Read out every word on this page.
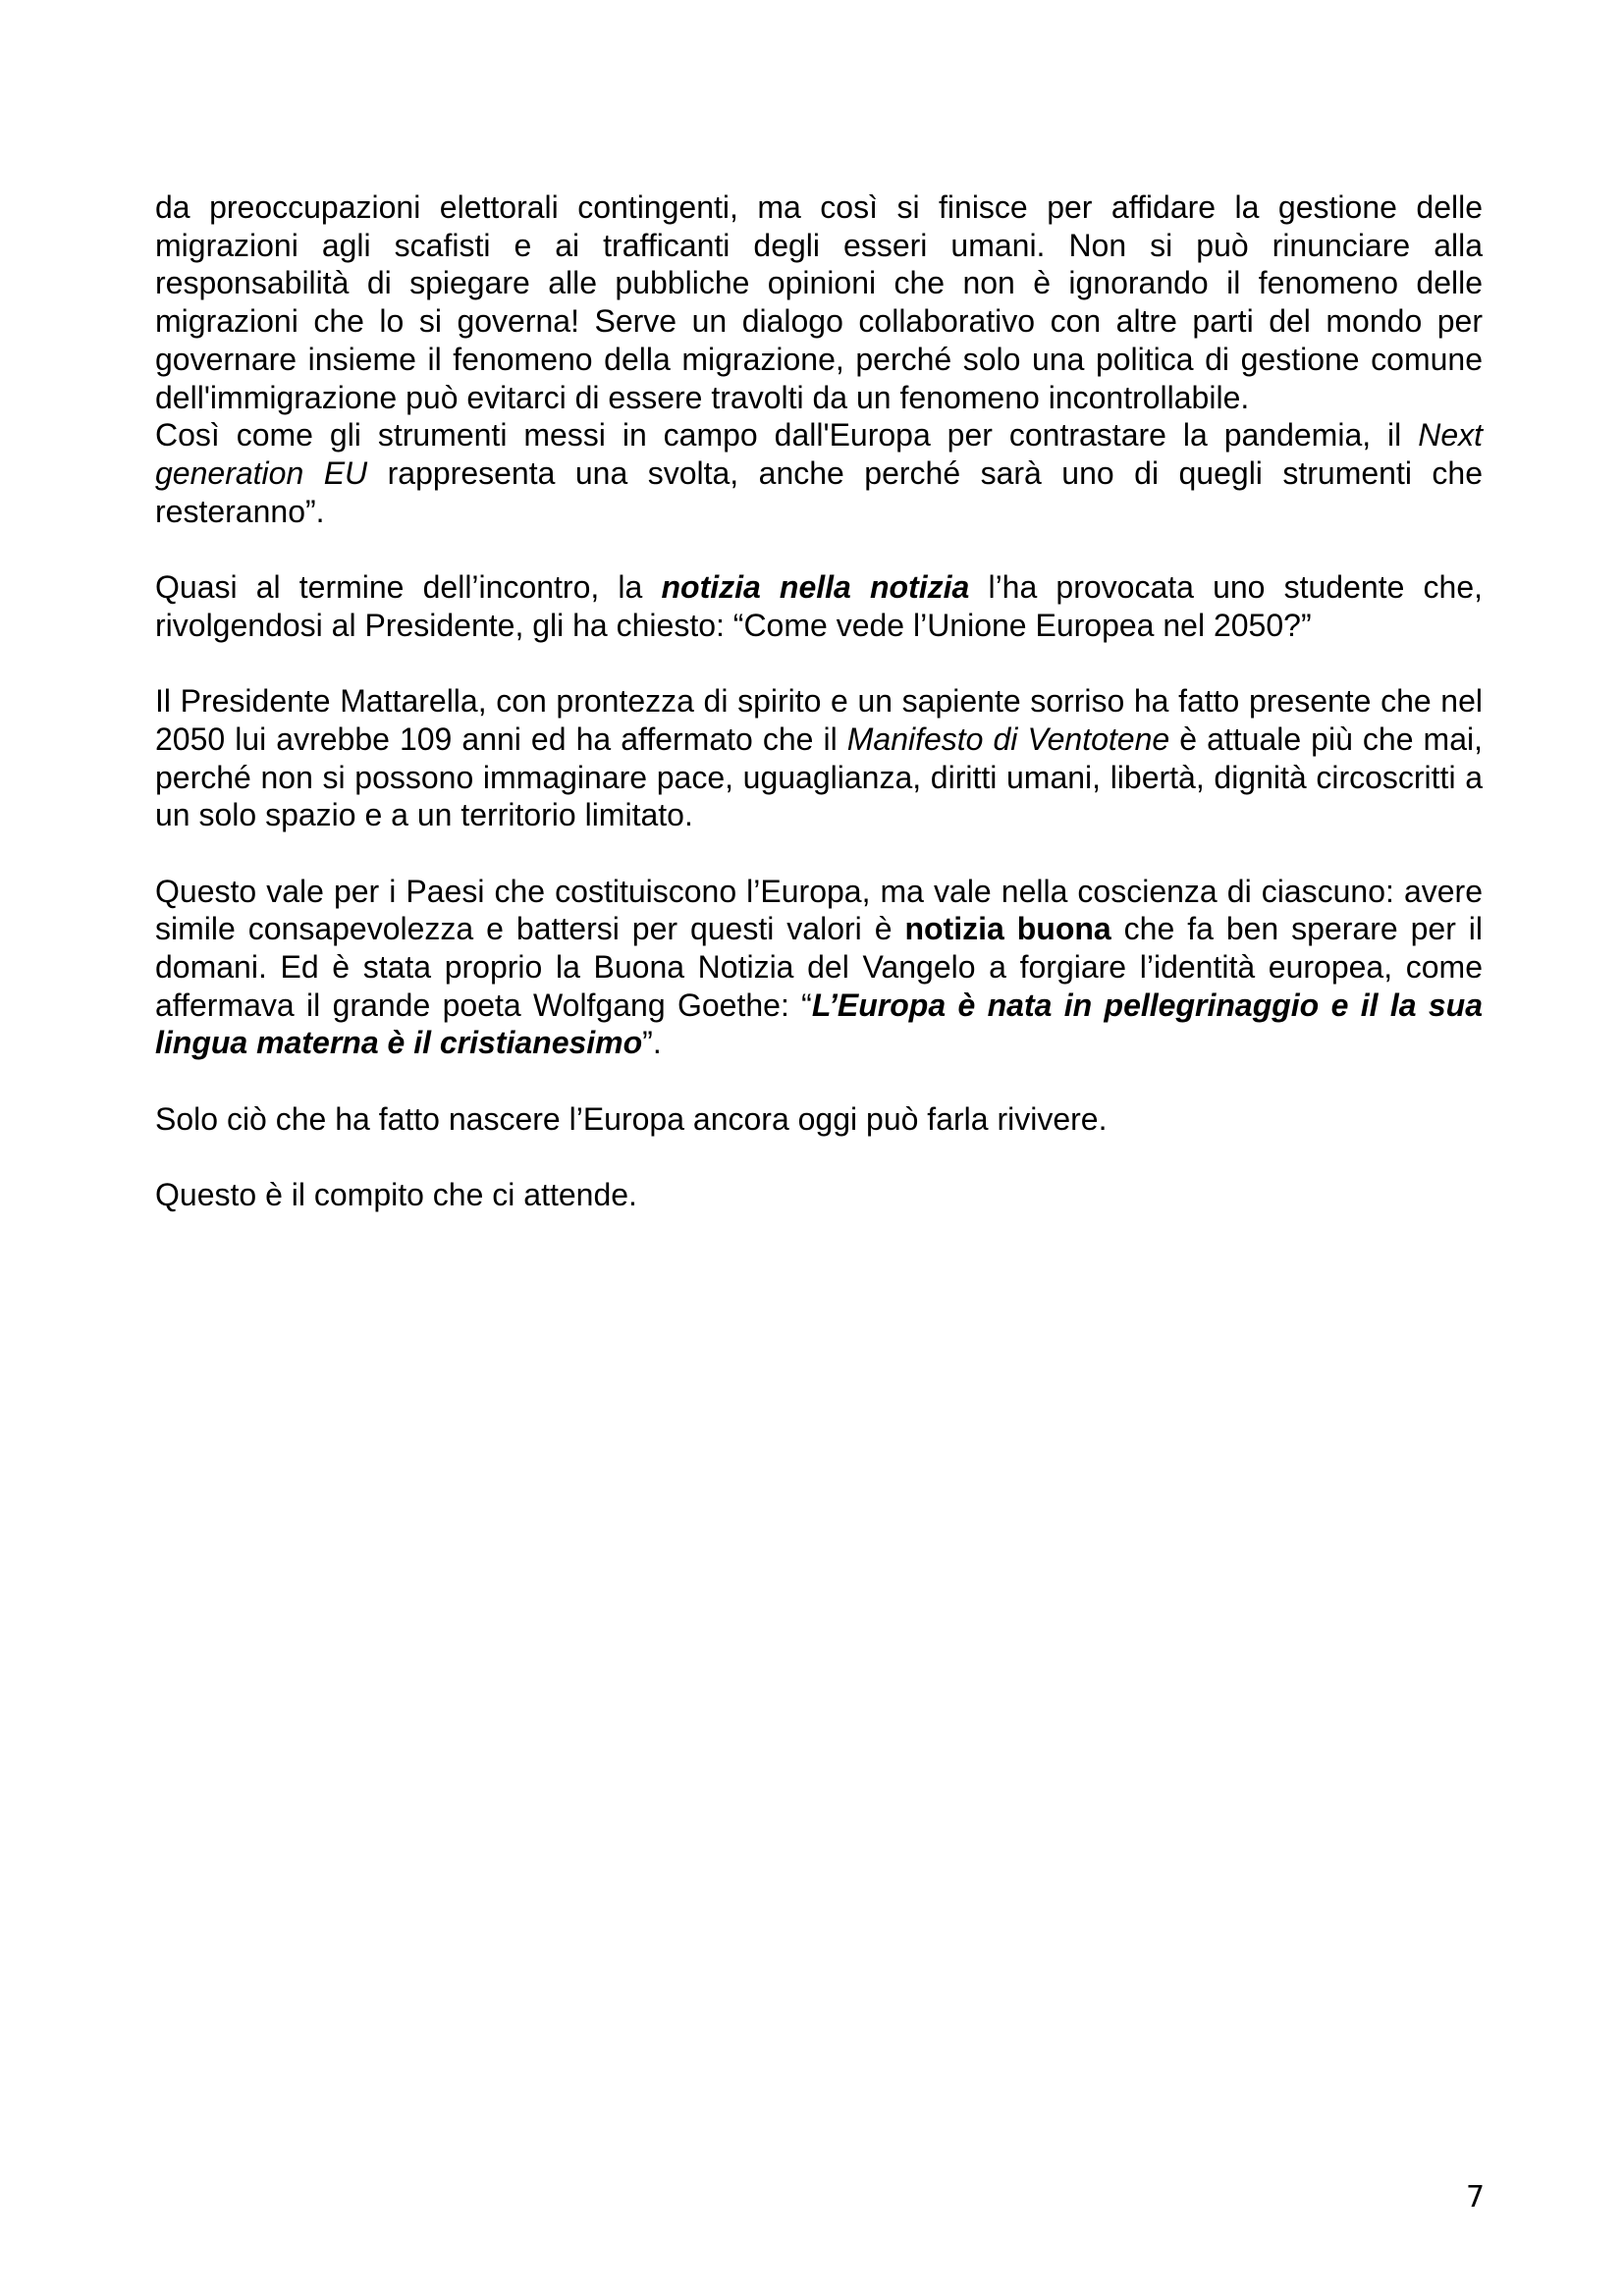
da preoccupazioni elettorali contingenti, ma così si finisce per affidare la gestione delle migrazioni agli scafisti e ai trafficanti degli esseri umani. Non si può rinunciare alla responsabilità di spiegare alle pubbliche opinioni che non è ignorando il fenomeno delle migrazioni che lo si governa! Serve un dialogo collaborativo con altre parti del mondo per governare insieme il fenomeno della migrazione, perché solo una politica di gestione comune dell'immigrazione può evitarci di essere travolti da un fenomeno incontrollabile.

Così come gli strumenti messi in campo dall'Europa per contrastare la pandemia, il Next generation EU rappresenta una svolta, anche perché sarà uno di quegli strumenti che resteranno”.

Quasi al termine dell’incontro, la notizia nella notizia l’ha provocata uno studente che, rivolgendosi al Presidente, gli ha chiesto: “Come vede l’Unione Europea nel 2050?”

Il Presidente Mattarella, con prontezza di spirito e un sapiente sorriso ha fatto presente che nel 2050 lui avrebbe 109 anni ed ha affermato che il Manifesto di Ventotene è attuale più che mai, perché non si possono immaginare pace, uguaglianza, diritti umani, libertà, dignità circoscritti a un solo spazio e a un territorio limitato.

Questo vale per i Paesi che costituiscono l’Europa, ma vale nella coscienza di ciascuno: avere simile consapevolezza e battersi per questi valori è notizia buona che fa ben sperare per il domani. Ed è stata proprio la Buona Notizia del Vangelo a forgiare l’identità europea, come affermava il grande poeta Wolfgang Goethe: “L’Europa è nata in pellegrinaggio e il la sua lingua materna è il cristianesimo”.

Solo ciò che ha fatto nascere l’Europa ancora oggi può farla rivivere.

Questo è il compito che ci attende.

7
